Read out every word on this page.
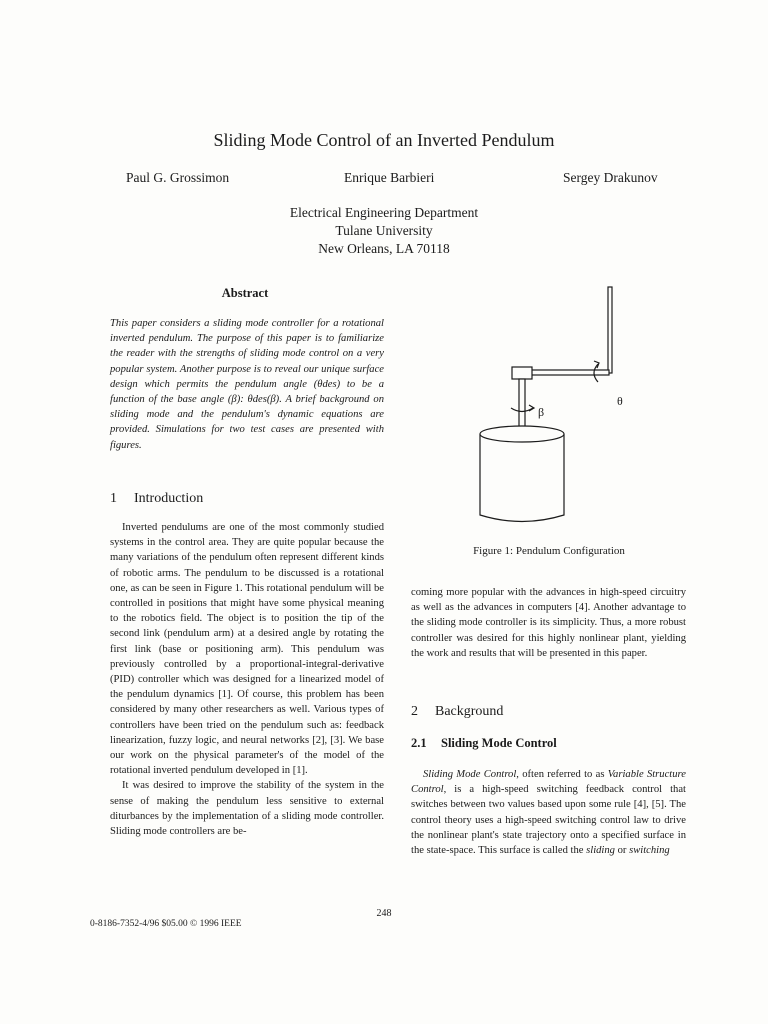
Sliding Mode Control of an Inverted Pendulum
Paul G. Grossimon	Enrique Barbieri	Sergey Drakunov
Electrical Engineering Department
Tulane University
New Orleans, LA 70118
Abstract
This paper considers a sliding mode controller for a rotational inverted pendulum. The purpose of this paper is to familiarize the reader with the strengths of sliding mode control on a very popular system. Another purpose is to reveal our unique surface design which permits the pendulum angle (θdes) to be a function of the base angle (β): θdes(β). A brief background on sliding mode and the pendulum's dynamic equations are provided. Simulations for two test cases are presented with figures.
1 Introduction

Inverted pendulums are one of the most commonly studied systems in the control area. They are quite popular because the many variations of the pendulum often represent different kinds of robotic arms. The pendulum to be discussed is a rotational one, as can be seen in Figure 1. This rotational pendulum will be controlled in positions that might have some physical meaning to the robotics field. The object is to position the tip of the second link (pendulum arm) at a desired angle by rotating the first link (base or positioning arm). This pendulum was previously controlled by a proportional-integral-derivative (PID) controller which was designed for a linearized model of the pendulum dynamics [1]. Of course, this problem has been considered by many other researchers as well. Various types of controllers have been tried on the pendulum such as: feedback linearization, fuzzy logic, and neural networks [2], [3]. We base our work on the physical parameter's of the model of the rotational inverted pendulum developed in [1].

It was desired to improve the stability of the system in the sense of making the pendulum less sensitive to external diturbances by the implementation of a sliding mode controller. Sliding mode controllers are be-

θ
β
Figure 1: Pendulum Configuration

coming more popular with the advances in high-speed circuitry as well as the advances in computers [4]. Another advantage to the sliding mode controller is its simplicity. Thus, a more robust controller was desired for this highly nonlinear plant, yielding the work and results that will be presented in this paper.

2 Background
2.1 Sliding Mode Control

Sliding Mode Control, often referred to as Variable Structure Control, is a high-speed switching feedback control that switches between two values based upon some rule [4], [5]. The control theory uses a high-speed switching control law to drive the nonlinear plant's state trajectory onto a specified surface in the state-space. This surface is called the sliding or switching

248
0-8186-7352-4/96 $05.00 © 1996 IEEE
